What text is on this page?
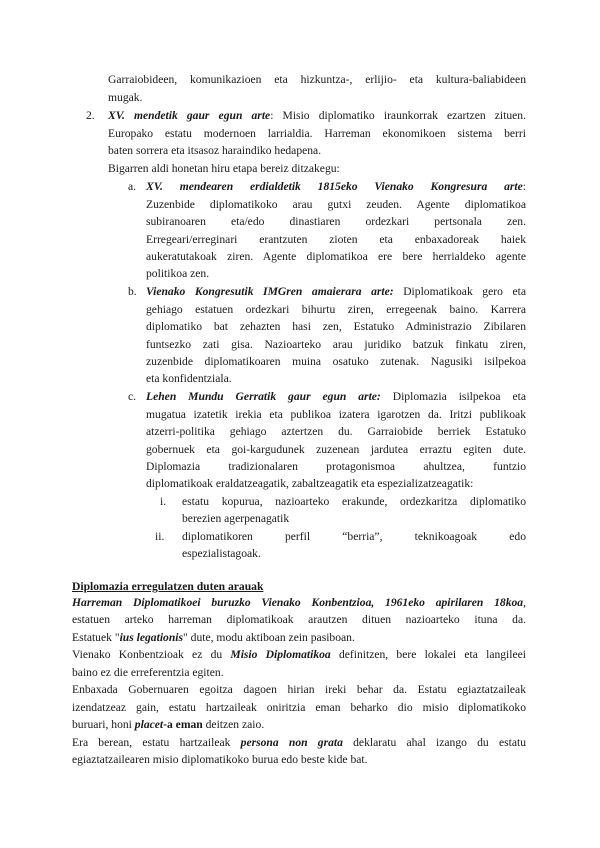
Garraiobideen, komunikazioen eta hizkuntza-, erlijio- eta kultura-baliabideen
mugak.
2. XV. mendetik gaur egun arte: Misio diplomatiko iraunkorrak ezartzen zituen.
Europako estatu modernoen larrialdia. Harreman ekonomikoen sistema berri
baten sorrera eta itsasoz haraindiko hedapena.
Bigarren aldi honetan hiru etapa bereiz ditzakegu:
a. XV. mendearen erdialdetik 1815eko Vienako Kongresura arte:
Zuzenbide diplomatikoko arau gutxi zeuden. Agente diplomatikoa
subiranoaren eta/edo dinastiaren ordezkari pertsonala zen.
Erregeari/erreginari erantzuten zioten eta enbaxadoreak haiek
aukeratutakoak ziren. Agente diplomatikoa ere bere herrialdeko agente
politikoa zen.
b. Vienako Kongresutik IMGren amaierara arte: Diplomatikoak gero eta
gehiago estatuen ordezkari bihurtu ziren, erregeenak baino. Karrera
diplomatiko bat zehazten hasi zen, Estatuko Administrazio Zibilaren
funtsezko zati gisa. Nazioarteko arau juridiko batzuk finkatu ziren,
zuzenbide diplomatikoaren muina osatuko zutenak. Nagusiki isilpekoa
eta konfidentziala.
c. Lehen Mundu Gerratik gaur egun arte: Diplomazia isilpekoa eta
mugatua izatetik irekia eta publikoa izatera igarotzen da. Iritzi publikoak
atzerri-politika gehiago aztertzen du. Garraiobide berriek Estatuko
gobernuek eta goi-kargudunek zuzenean jardutea erraztu egiten dute.
Diplomazia tradizionalaren protagonismoa ahultzea, funtzio
diplomatikoak eraldatzeagatik, zabaltzeagatik eta espezializatzeagatik:
i. estatu kopurua, nazioarteko erakunde, ordezkaritza diplomatiko
berezien agerpenagatik
ii. diplomatikoren perfil “berria”, teknikoagoak edo
espezialistagoak.
Diplomazia erregulatzen duten arauak
Harreman Diplomatikoei buruzko Vienako Konbentzioa, 1961eko apirilaren 18koa,
estatuen arteko harreman diplomatikoak arautzen dituen nazioarteko ituna da.
Estatuek "ius legationis" dute, modu aktiboan zein pasiboan.
Vienako Konbentzioak ez du Misio Diplomatikoa definitzen, bere lokalei eta langileei
baino ez die erreferentzia egiten.
Enbaxada Gobernuaren egoitza dagoen hirian ireki behar da. Estatu egiaztatzaileak
izendatzeaz gain, estatu hartzaileak oniritzia eman beharko dio misio diplomatikoko
buruari, honi placet-a eman deitzen zaio.
Era berean, estatu hartzaileak persona non grata deklaratu ahal izango du estatu
egiaztatzailearen misio diplomatikoko burua edo beste kide bat.
